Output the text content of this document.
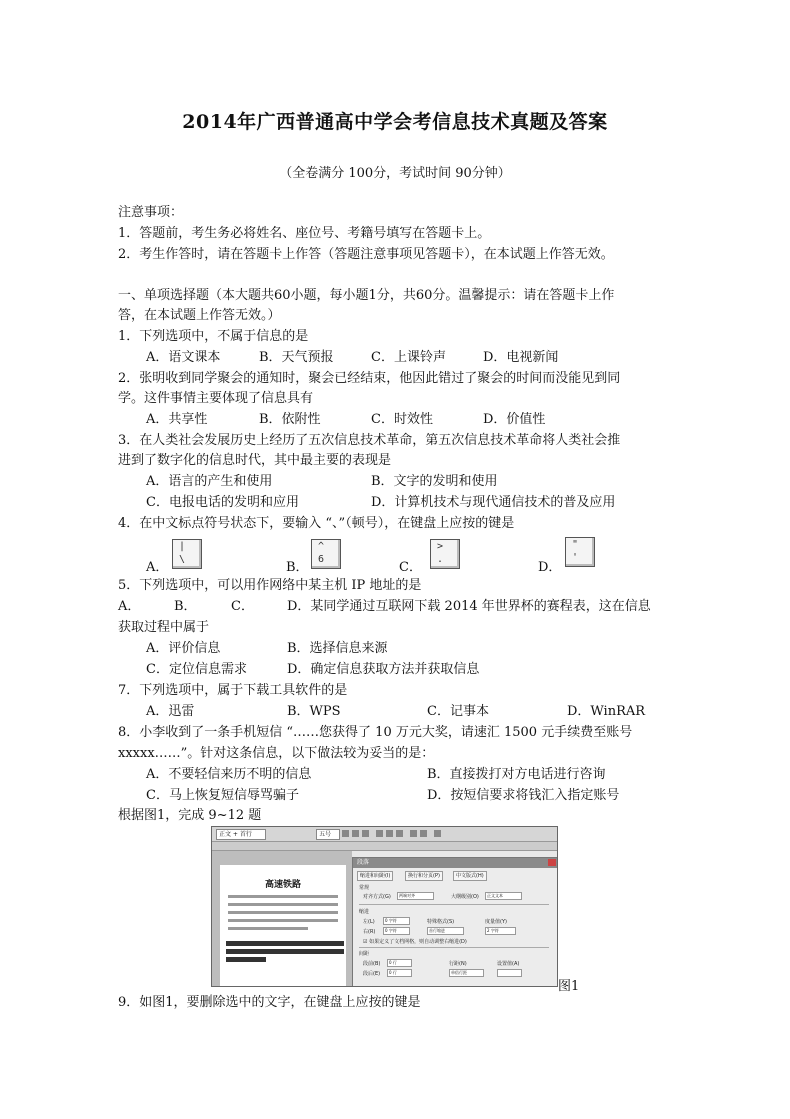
2014年广西普通高中学会考信息技术真题及答案
（全卷满分 100分，考试时间 90分钟）
注意事项：
1．答题前，考生务必将姓名、座位号、考籍号填写在答题卡上。
2．考生作答时，请在答题卡上作答（答题注意事项见答题卡），在本试题上作答无效。
一、单项选择题（本大题共60小题，每小题1分，共60分。温馨提示：请在答题卡上作
答，在本试题上作答无效。）
1．下列选项中，不属于信息的是
A．语文课本	B．天气预报	C．上课铃声	D．电视新闻
2．张明收到同学聚会的通知时，聚会已经结束，他因此错过了聚会的时间而没能见到同
学。这件事情主要体现了信息具有
A．共享性	B．依附性	C．时效性	D．价值性
3．在人类社会发展历史上经历了五次信息技术革命，第五次信息技术革命将人类社会推
进到了数字化的信息时代，其中最主要的表现是
A．语言的产生和使用	B．文字的发明和使用
C．电报电话的发明和应用	D．计算机技术与现代通信技术的普及应用
4．在中文标点符号状态下，要输入 “、”（顿号），在键盘上应按的键是
A．
|
\
B．
^
6
C．
>
.
D．
"
'
5．下列选项中，可以用作网络中某主机 IP 地址的是
A．	B．	C．	D．某同学通过互联网下载 2014 年世界杯的赛程表，这在信息
获取过程中属于
A．评价信息	B．选择信息来源
C．定位信息需求	D．确定信息获取方法并获取信息
7．下列选项中，属于下载工具软件的是
A．迅雷	B．WPS	C．记事本	D．WinRAR
8．小李收到了一条手机短信 “……您获得了 10 万元大奖，请速汇 1500 元手续费至账号
xxxxx……”。针对这条信息，以下做法较为妥当的是：
A．不要轻信来历不明的信息	B．直接拨打对方电话进行咨询
C．马上恢复短信辱骂骗子	D．按短信要求将钱汇入指定账号
根据图1，完成 9~12 题
正文 + 首行	五号
高速铁路
段落
缩进和间距(I)	换行和分页(P)	中文版式(H)
常规
对齐方式(G)	两端对齐	大纲级别(O)	正文文本
缩进
左(L)	0 字符
右(R)	0 字符
特殊格式(S)
首行缩进
度量值(Y)
2 字符
☑ 如果定义了文档网格，则自动调整右缩进(D)
间距
段前(B)	0 行
段后(E)	0 行
行距(N)
单倍行距
设置值(A)
图1
9．如图1，要删除选中的文字，在键盘上应按的键是
